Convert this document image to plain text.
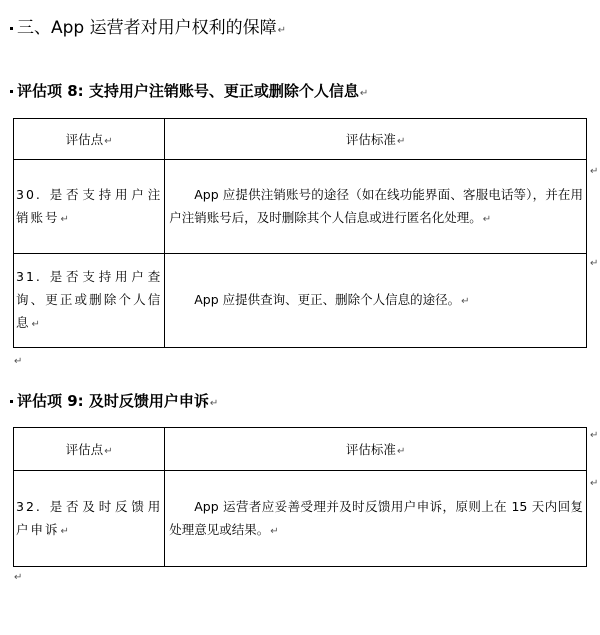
三、App 运营者对用户权利的保障↵
评估项 8: 支持用户注销账号、更正或删除个人信息↵
评估点↵	评估标准↵
30. 是否支持用户注销账号↵	App 应提供注销账号的途径（如在线功能界面、客服电话等），并在用户注销账号后，及时删除其个人信息或进行匿名化处理。↵
31. 是否支持用户查询、更正或删除个人信息↵	App 应提供查询、更正、删除个人信息的途径。↵
↵
↵
↵
评估项 9: 及时反馈用户申诉↵
评估点↵	评估标准↵
32. 是否及时反馈用户申诉↵	App 运营者应妥善受理并及时反馈用户申诉，原则上在 15 天内回复处理意见或结果。↵
↵
↵
↵
